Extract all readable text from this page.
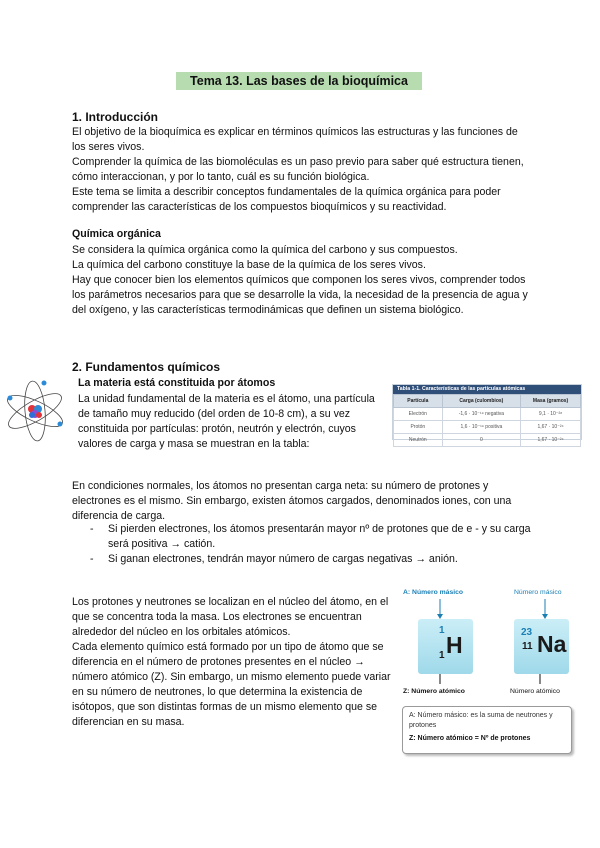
Tema 13. Las bases de la bioquímica
1. Introducción

El objetivo de la bioquímica es explicar en términos químicos las estructuras y las funciones de los seres vivos.

Comprender la química de las biomoléculas es un paso previo para saber qué estructura tienen, cómo interaccionan, y por lo tanto, cuál es su función biológica.

Este tema se limita a describir conceptos fundamentales de la química orgánica para poder comprender las características de los compuestos bioquímicos y su reactividad.

Química orgánica

Se considera la química orgánica como la química del carbono y sus compuestos.

La química del carbono constituye la base de la química de los seres vivos.

Hay que conocer bien los elementos químicos que componen los seres vivos, comprender todos los parámetros necesarios para que se desarrolle la vida, la necesidad de la presencia de agua y del oxígeno, y las características termodinámicas que definen un sistema biológico.

2. Fundamentos químicos
La materia está constituida por átomos

La unidad fundamental de la materia es el átomo, una partícula de tamaño muy reducido (del orden de 10-8 cm), a su vez constituida por partículas: protón, neutrón y electrón, cuyos valores de carga y masa se muestran en la tabla:

Tabla 1-1. Características de las partículas atómicas
Partícula	Carga (culombios)	Masa (gramos)
Electrón	-1,6 · 10⁻¹⁹ negativa	9,1 · 10⁻²⁸
Protón	1,6 · 10⁻¹⁹ positiva	1,67 · 10⁻²⁴
Neutrón	0	1,67 · 10⁻²⁴

En condiciones normales, los átomos no presentan carga neta: su número de protones y electrones es el mismo. Sin embargo, existen átomos cargados, denominados iones, con una diferencia de carga.

- Si pierden electrones, los átomos presentarán mayor nº de protones que de e - y su carga será positiva → catión.
- Si ganan electrones, tendrán mayor número de cargas negativas → anión.

Los protones y neutrones se localizan en el núcleo del átomo, en el que se concentra toda la masa. Los electrones se encuentran alrededor del núcleo en los orbitales atómicos.

Cada elemento químico está formado por un tipo de átomo que se diferencia en el número de protones presentes en el núcleo → número atómico (Z). Sin embargo, un mismo elemento puede variar en su número de neutrones, lo que determina la existencia de isótopos, que son distintas formas de un mismo elemento que se diferencian en su masa.

A: Número másico	Número másico
1
1 H	23
11 Na
Z: Número atómico	Número atómico
A: Número másico: es la suma de neutrones y protones
Z: Número atómico = Nº de protones
